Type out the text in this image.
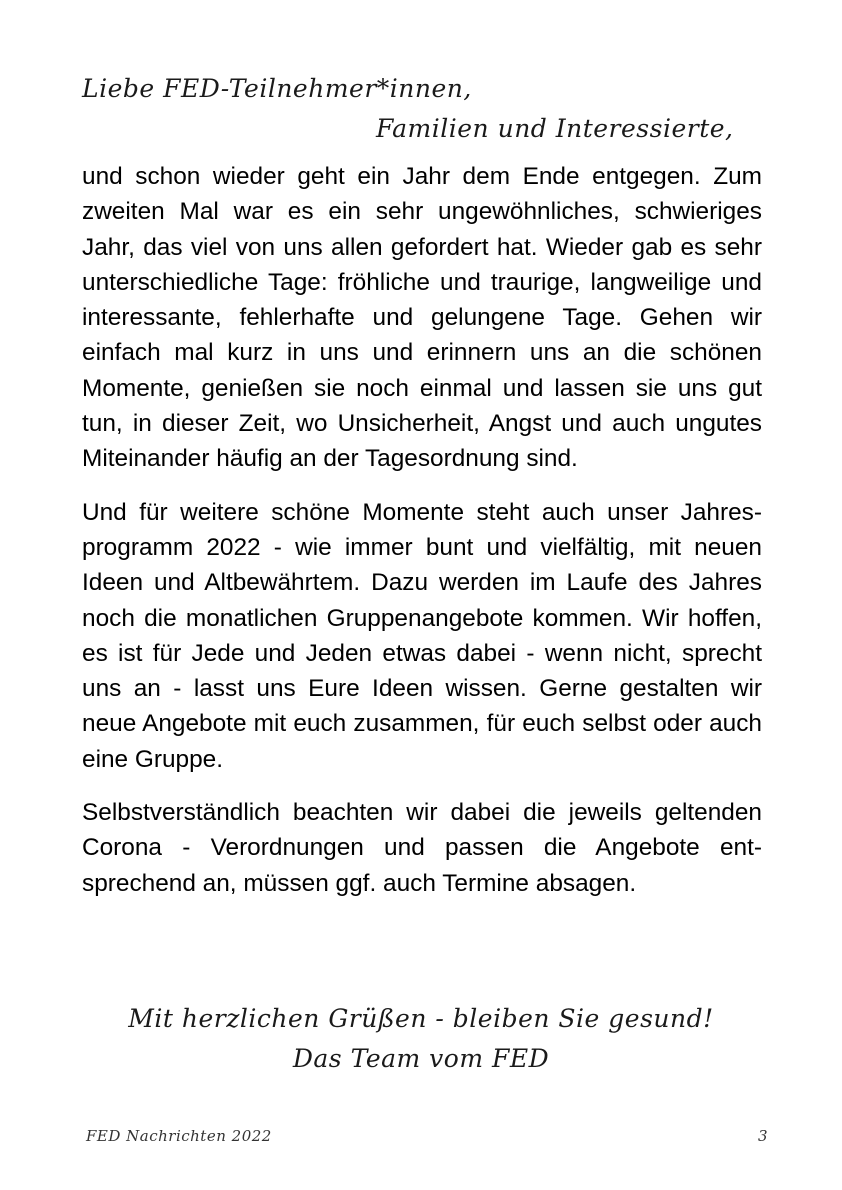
Liebe FED-Teilnehmer*innen,
Familien und Interessierte,

und schon wieder geht ein Jahr dem Ende entgegen. Zum zweiten Mal war es ein sehr ungewöhnliches, schwieriges Jahr, das viel von uns allen gefordert hat. Wieder gab es sehr unterschiedliche Tage: fröhliche und traurige, langweilige und interessante, fehlerhafte und gelungene Tage. Gehen wir einfach mal kurz in uns und erinnern uns an die schönen Momente, genießen sie noch einmal und lassen sie uns gut tun, in dieser Zeit, wo Unsicherheit, Angst und auch ungutes Miteinander häufig an der Tagesordnung sind.

Und für weitere schöne Momente steht auch unser Jahresprogramm 2022 - wie immer bunt und vielfältig, mit neuen Ideen und Altbewährtem. Dazu werden im Laufe des Jahres noch die monatlichen Gruppenangebote kommen. Wir hoffen, es ist für Jede und Jeden etwas dabei - wenn nicht, sprecht uns an - lasst uns Eure Ideen wissen. Gerne gestalten wir neue Angebote mit euch zusammen, für euch selbst oder auch eine Gruppe.

Selbstverständlich beachten wir dabei die jeweils geltenden Corona - Verordnungen und passen die Angebote entsprechend an, müssen ggf. auch Termine absagen.

Mit herzlichen Grüßen - bleiben Sie gesund!
Das Team vom FED
FED Nachrichten 2022	3
